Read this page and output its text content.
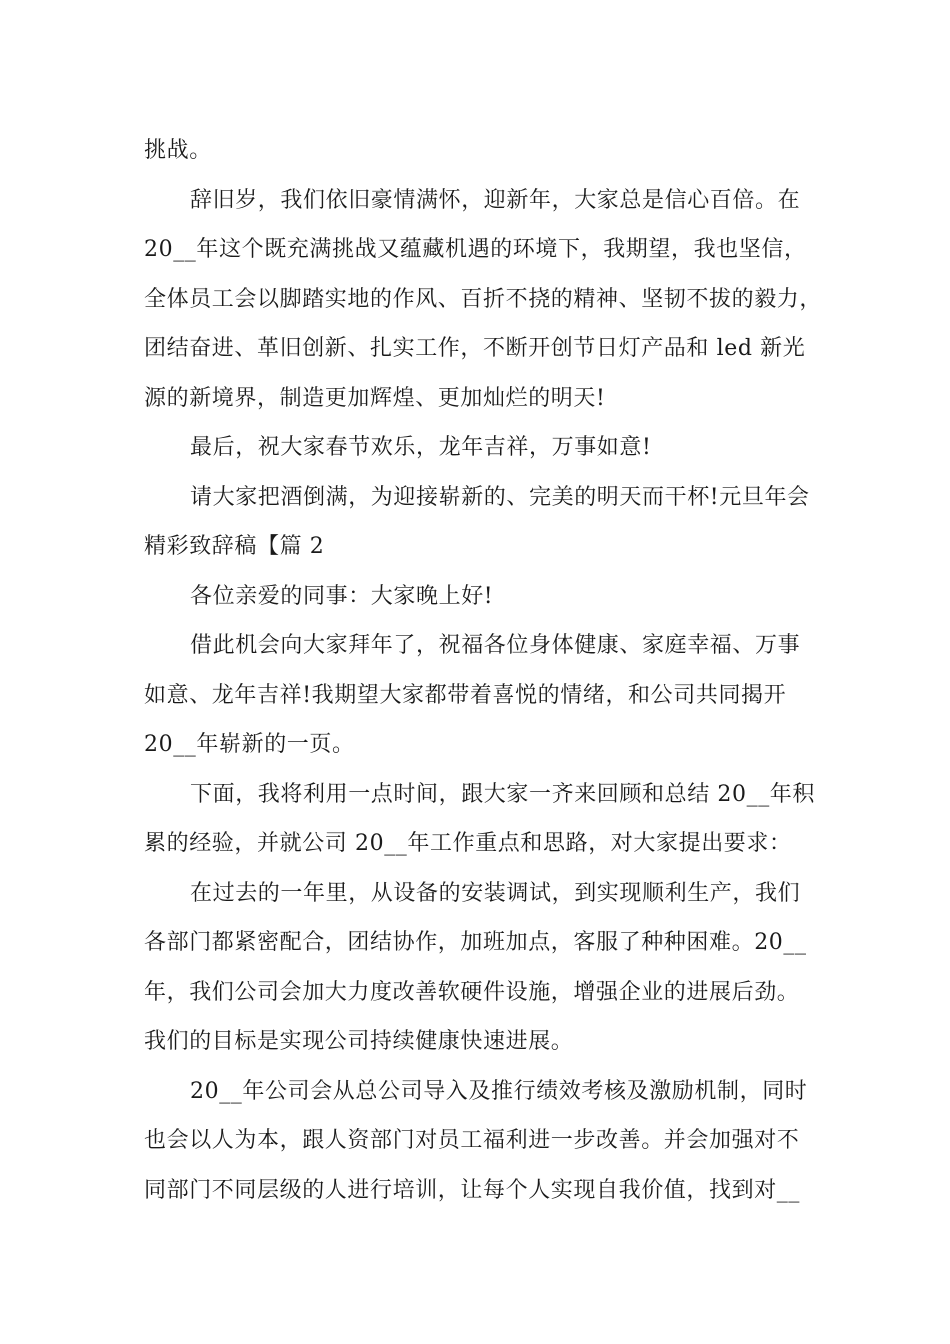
挑战。
辞旧岁，我们依旧豪情满怀，迎新年，大家总是信心百倍。在
20__年这个既充满挑战又蕴藏机遇的环境下，我期望，我也坚信，
全体员工会以脚踏实地的作风、百折不挠的精神、坚韧不拔的毅力，
团结奋进、革旧创新、扎实工作，不断开创节日灯产品和 led 新光
源的新境界，制造更加辉煌、更加灿烂的明天!
最后，祝大家春节欢乐，龙年吉祥，万事如意!
请大家把酒倒满，为迎接崭新的、完美的明天而干杯!元旦年会
精彩致辞稿【篇 2
各位亲爱的同事：大家晚上好!
借此机会向大家拜年了，祝福各位身体健康、家庭幸福、万事
如意、龙年吉祥!我期望大家都带着喜悦的情绪，和公司共同揭开
20__年崭新的一页。
下面，我将利用一点时间，跟大家一齐来回顾和总结 20__年积
累的经验，并就公司 20__年工作重点和思路，对大家提出要求：
在过去的一年里，从设备的安装调试，到实现顺利生产，我们
各部门都紧密配合，团结协作，加班加点，客服了种种困难。20__
年，我们公司会加大力度改善软硬件设施，增强企业的进展后劲。
我们的目标是实现公司持续健康快速进展。
20__年公司会从总公司导入及推行绩效考核及激励机制，同时
也会以人为本，跟人资部门对员工福利进一步改善。并会加强对不
同部门不同层级的人进行培训，让每个人实现自我价值，找到对__
